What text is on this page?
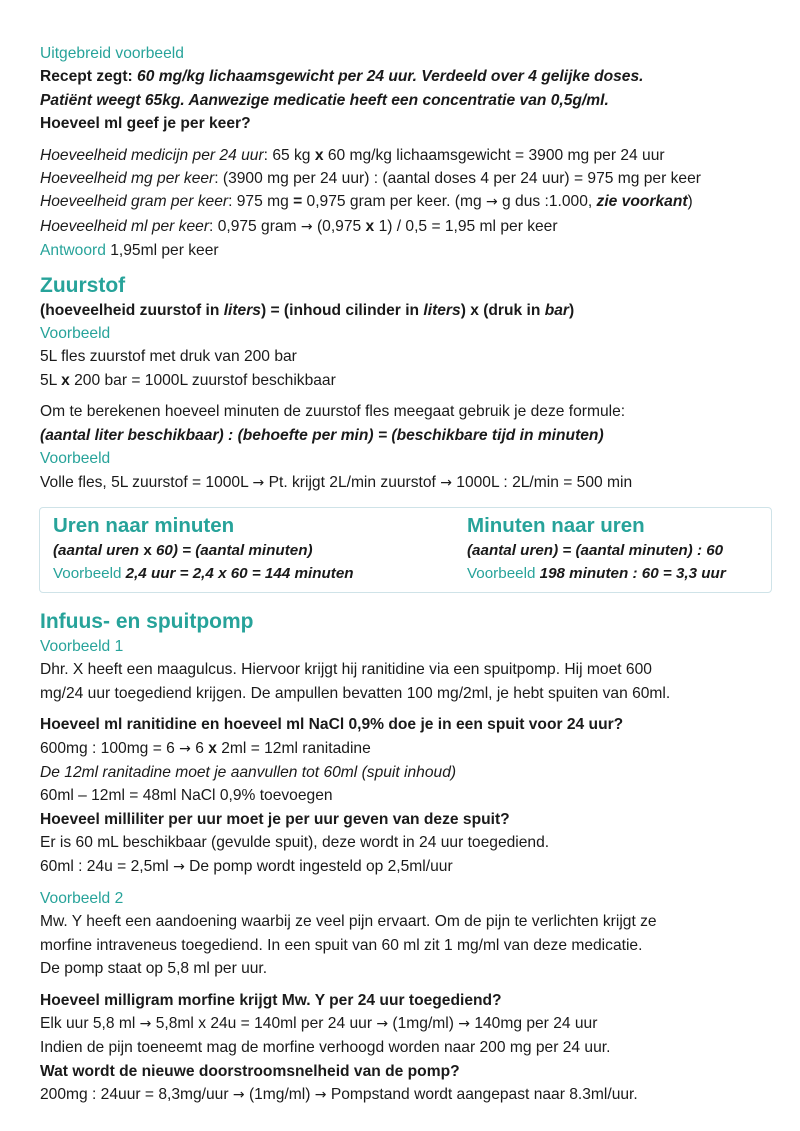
Uitgebreid voorbeeld
Recept zegt: 60 mg/kg lichaamsgewicht per 24 uur. Verdeeld over 4 gelijke doses.
Patiënt weegt 65kg. Aanwezige medicatie heeft een concentratie van 0,5g/ml.
Hoeveel ml geef je per keer?
Hoeveelheid medicijn per 24 uur: 65 kg x 60 mg/kg lichaamsgewicht = 3900 mg per 24 uur
Hoeveelheid mg per keer: (3900 mg per 24 uur) : (aantal doses 4 per 24 uur) = 975 mg per keer
Hoeveelheid gram per keer: 975 mg = 0,975 gram per keer. (mg → g dus :1.000, zie voorkant)
Hoeveelheid ml per keer: 0,975 gram → (0,975 x 1) / 0,5 = 1,95 ml per keer
Antwoord 1,95ml per keer
Zuurstof
(hoeveelheid zuurstof in liters) = (inhoud cilinder in liters) x (druk in bar)
Voorbeeld
5L fles zuurstof met druk van 200 bar
5L x 200 bar = 1000L zuurstof beschikbaar
Om te berekenen hoeveel minuten de zuurstof fles meegaat gebruik je deze formule:
(aantal liter beschikbaar) : (behoefte per min) = (beschikbare tijd in minuten)
Voorbeeld
Volle fles, 5L zuurstof = 1000L → Pt. krijgt 2L/min zuurstof → 1000L : 2L/min = 500 min
Uren naar minuten
(aantal uren x 60) = (aantal minuten)
Voorbeeld 2,4 uur = 2,4 x 60 = 144 minuten
Minuten naar uren
(aantal uren) = (aantal minuten) : 60
Voorbeeld 198 minuten : 60 = 3,3 uur
Infuus- en spuitpomp
Voorbeeld 1
Dhr. X heeft een maagulcus. Hiervoor krijgt hij ranitidine via een spuitpomp. Hij moet 600
mg/24 uur toegediend krijgen. De ampullen bevatten 100 mg/2ml, je hebt spuiten van 60ml.
Hoeveel ml ranitidine en hoeveel ml NaCl 0,9% doe je in een spuit voor 24 uur?
600mg : 100mg = 6 → 6 x 2ml = 12ml ranitadine
De 12ml ranitadine moet je aanvullen tot 60ml (spuit inhoud)
60ml – 12ml = 48ml NaCl 0,9% toevoegen
Hoeveel milliliter per uur moet je per uur geven van deze spuit?
Er is 60 mL beschikbaar (gevulde spuit), deze wordt in 24 uur toegediend.
60ml : 24u = 2,5ml → De pomp wordt ingesteld op 2,5ml/uur
Voorbeeld 2
Mw. Y heeft een aandoening waarbij ze veel pijn ervaart. Om de pijn te verlichten krijgt ze
morfine intraveneus toegediend. In een spuit van 60 ml zit 1 mg/ml van deze medicatie.
De pomp staat op 5,8 ml per uur.
Hoeveel milligram morfine krijgt Mw. Y per 24 uur toegediend?
Elk uur 5,8 ml → 5,8ml x 24u = 140ml per 24 uur → (1mg/ml) → 140mg per 24 uur
Indien de pijn toeneemt mag de morfine verhoogd worden naar 200 mg per 24 uur.
Wat wordt de nieuwe doorstroomsnelheid van de pomp?
200mg : 24uur = 8,3mg/uur → (1mg/ml) → Pompstand wordt aangepast naar 8.3ml/uur.
